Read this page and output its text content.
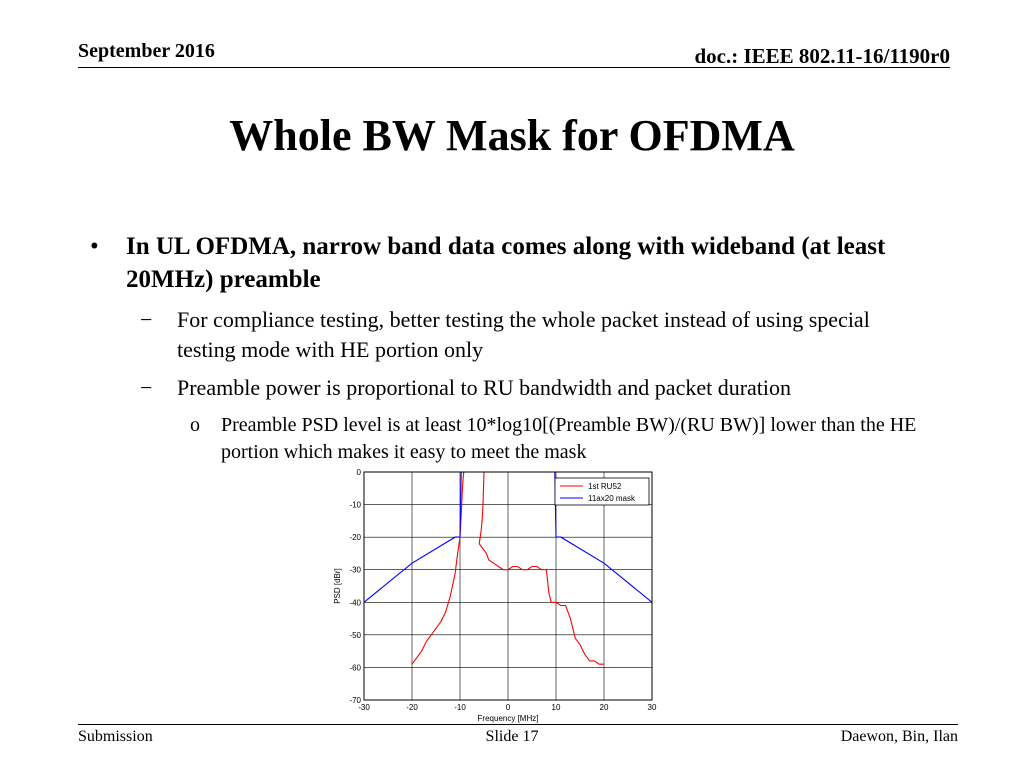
September 2016	doc.: IEEE 802.11-16/1190r0
Whole BW Mask for OFDMA
• In UL OFDMA, narrow band data comes along with wideband (at least 20MHz) preamble
− For compliance testing, better testing the whole packet instead of using special testing mode with HE portion only
− Preamble power is proportional to RU bandwidth and packet duration
o Preamble PSD level is at least 10*log10[(Preamble BW)/(RU BW)] lower than the HE portion which makes it easy to meet the mask
-30	-20	-10	0	10	20	30
0
-10
-20
-30
-40
-50
-60
-70
Frequency [MHz]
PSD [dBr]
1st RU52
11ax20 mask
Submission	Slide 17	Daewon, Bin, Ilan
